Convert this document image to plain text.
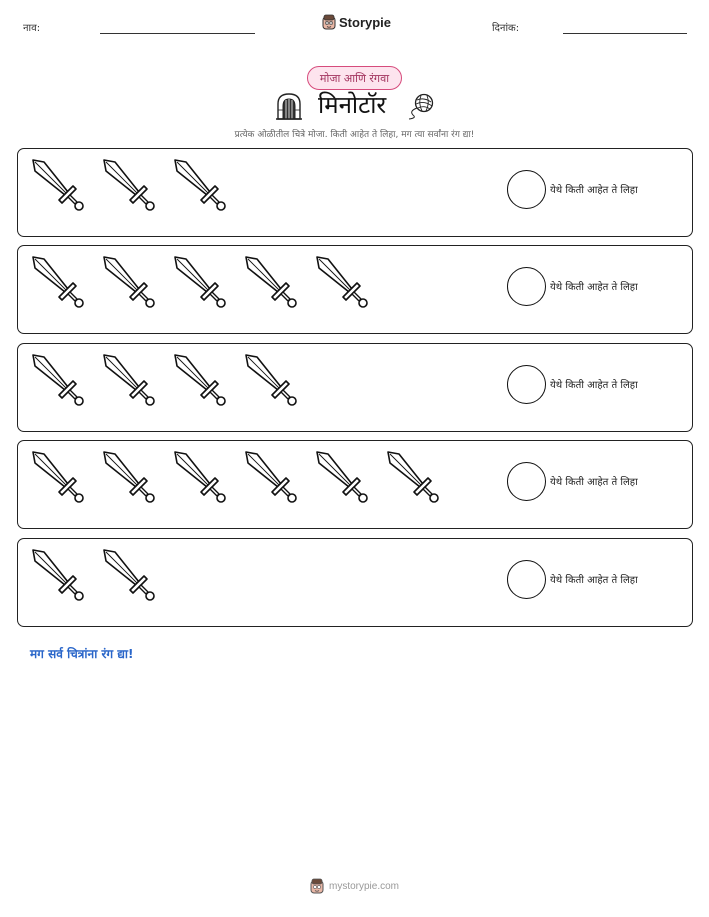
नाव:	Storypie	दिनांक:
मोजा आणि रंगवा
मिनोटॉर
प्रत्येक ओळीतील चित्रे मोजा. किती आहेत ते लिहा, मग त्या सर्वांना रंग द्या!
येथे किती आहेत ते लिहा
येथे किती आहेत ते लिहा
येथे किती आहेत ते लिहा
येथे किती आहेत ते लिहा
येथे किती आहेत ते लिहा
मग सर्व चित्रांना रंग द्या!
mystorypie.com
